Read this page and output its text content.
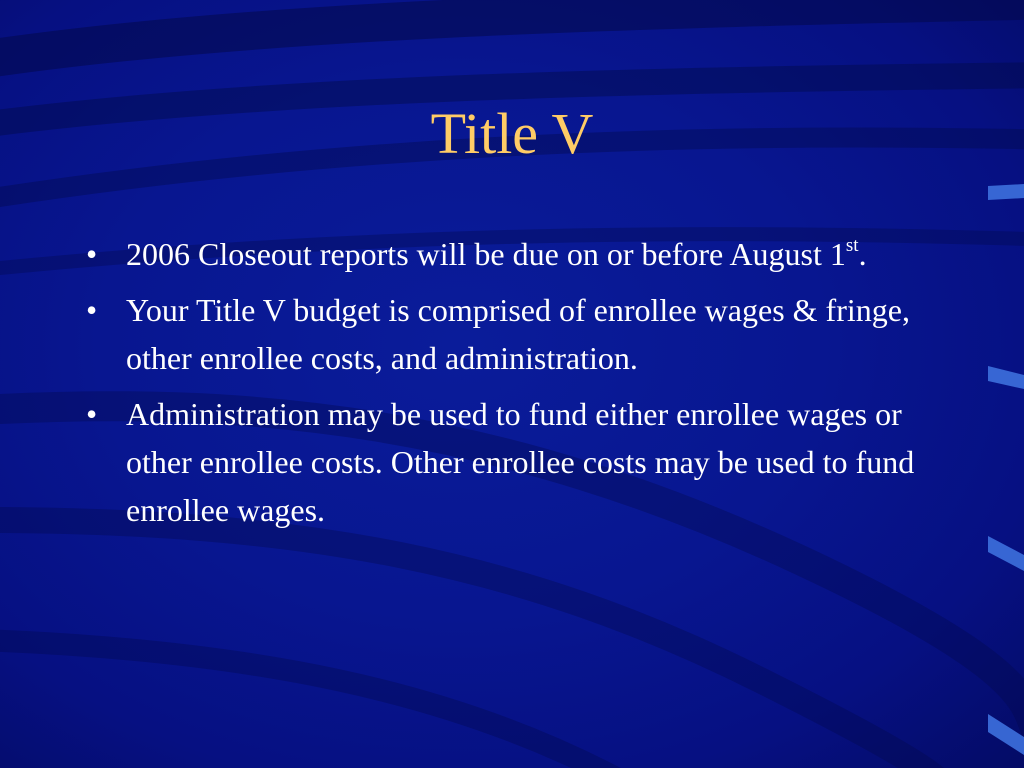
Title V
• 2006 Closeout reports will be due on or before August 1st.
• Your Title V budget is comprised of enrollee wages & fringe, other enrollee costs, and administration.
• Administration may be used to fund either enrollee wages or other enrollee costs. Other enrollee costs may be used to fund enrollee wages.
